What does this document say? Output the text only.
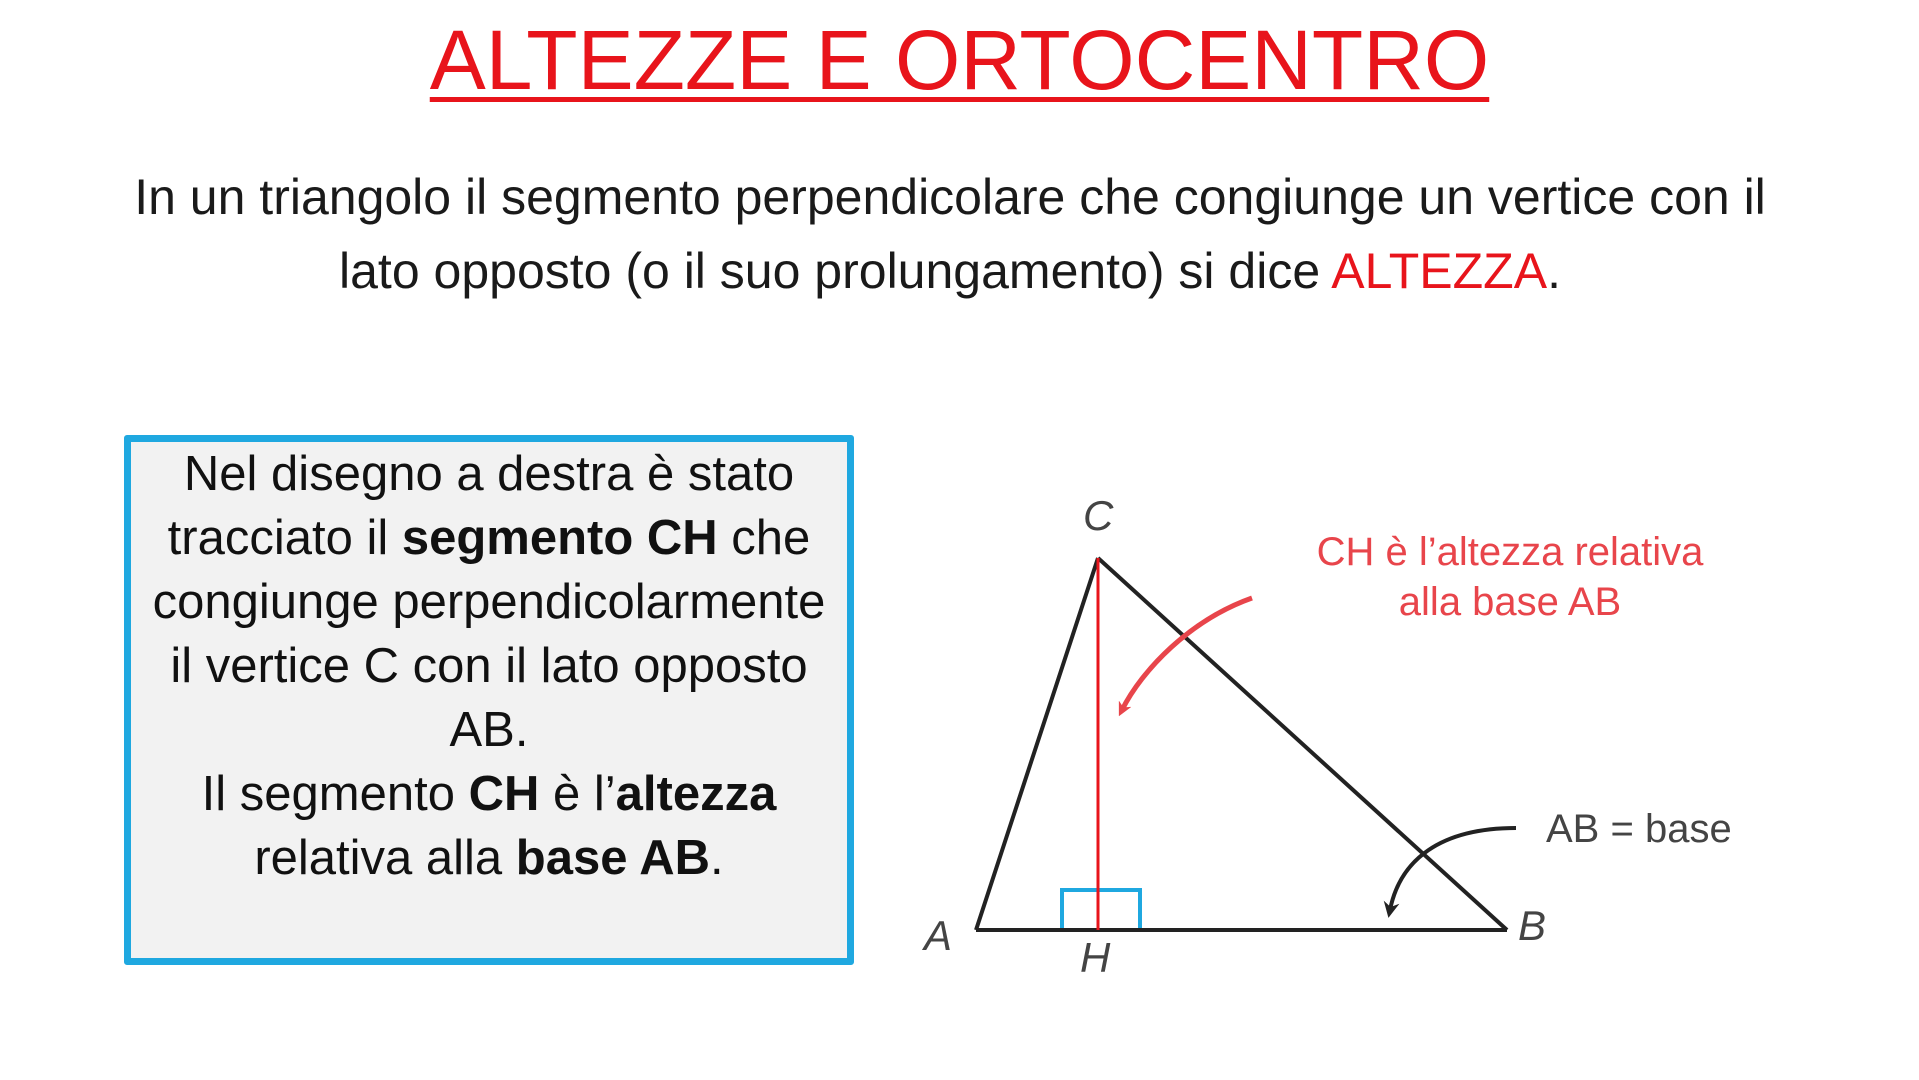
ALTEZZE E ORTOCENTRO

In un triangolo il segmento perpendicolare che congiunge un vertice con il
lato opposto (o il suo prolungamento) si dice ALTEZZA.

Nel disegno a destra è stato tracciato il segmento CH che congiunge perpendicolarmente il vertice C con il lato opposto AB.
Il segmento CH è l’altezza relativa alla base AB.
C
A	B
H
CH è l’altezza relativa
alla base AB
AB = base
